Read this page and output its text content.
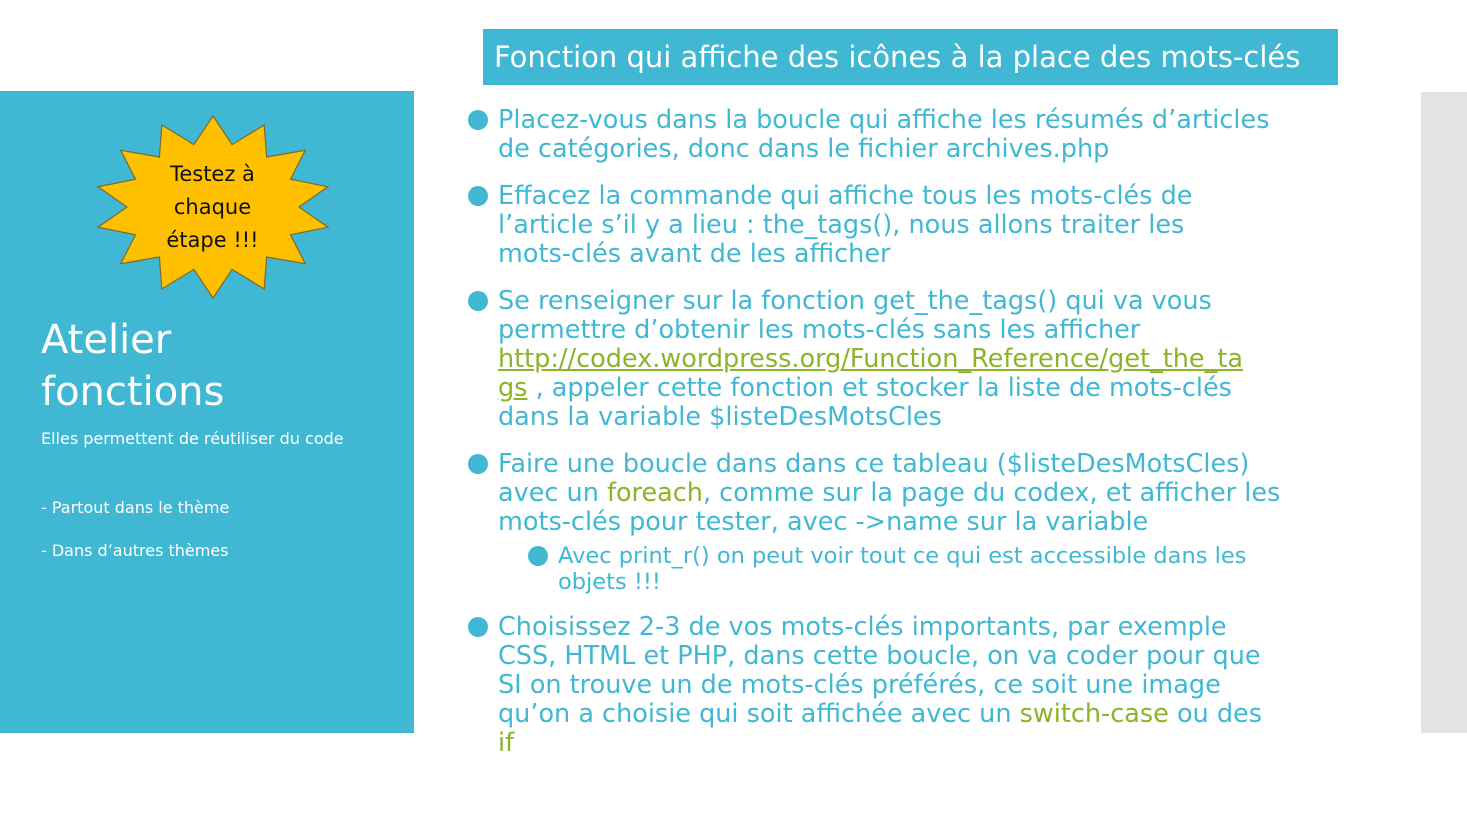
Testez à
chaque
étape !!!
Atelier
fonctions

Elles permettent de réutiliser du code

- Partout dans le thème

- Dans d’autres thèmes

Fonction qui affiche des icônes à la place des mots-clés
Placez-vous dans la boucle qui affiche les résumés d’articles
de catégories, donc dans le fichier archives.php
Effacez la commande qui affiche tous les mots-clés de
l’article s’il y a lieu : the_tags(), nous allons traiter les
mots-clés avant de les afficher
Se renseigner sur la fonction get_the_tags() qui va vous
permettre d’obtenir les mots-clés sans les afficher
http://codex.wordpress.org/Function_Reference/get_the_ta
gs , appeler cette fonction et stocker la liste de mots-clés
dans la variable $listeDesMotsCles
Faire une boucle dans dans ce tableau ($listeDesMotsCles)
avec un foreach, comme sur la page du codex, et afficher les
mots-clés pour tester, avec ->name sur la variable
Avec print_r() on peut voir tout ce qui est accessible dans les
objets !!!
Choisissez 2-3 de vos mots-clés importants, par exemple
CSS, HTML et PHP, dans cette boucle, on va coder pour que
SI on trouve un de mots-clés préférés, ce soit une image
qu’on a choisie qui soit affichée avec un switch-case ou des
if
